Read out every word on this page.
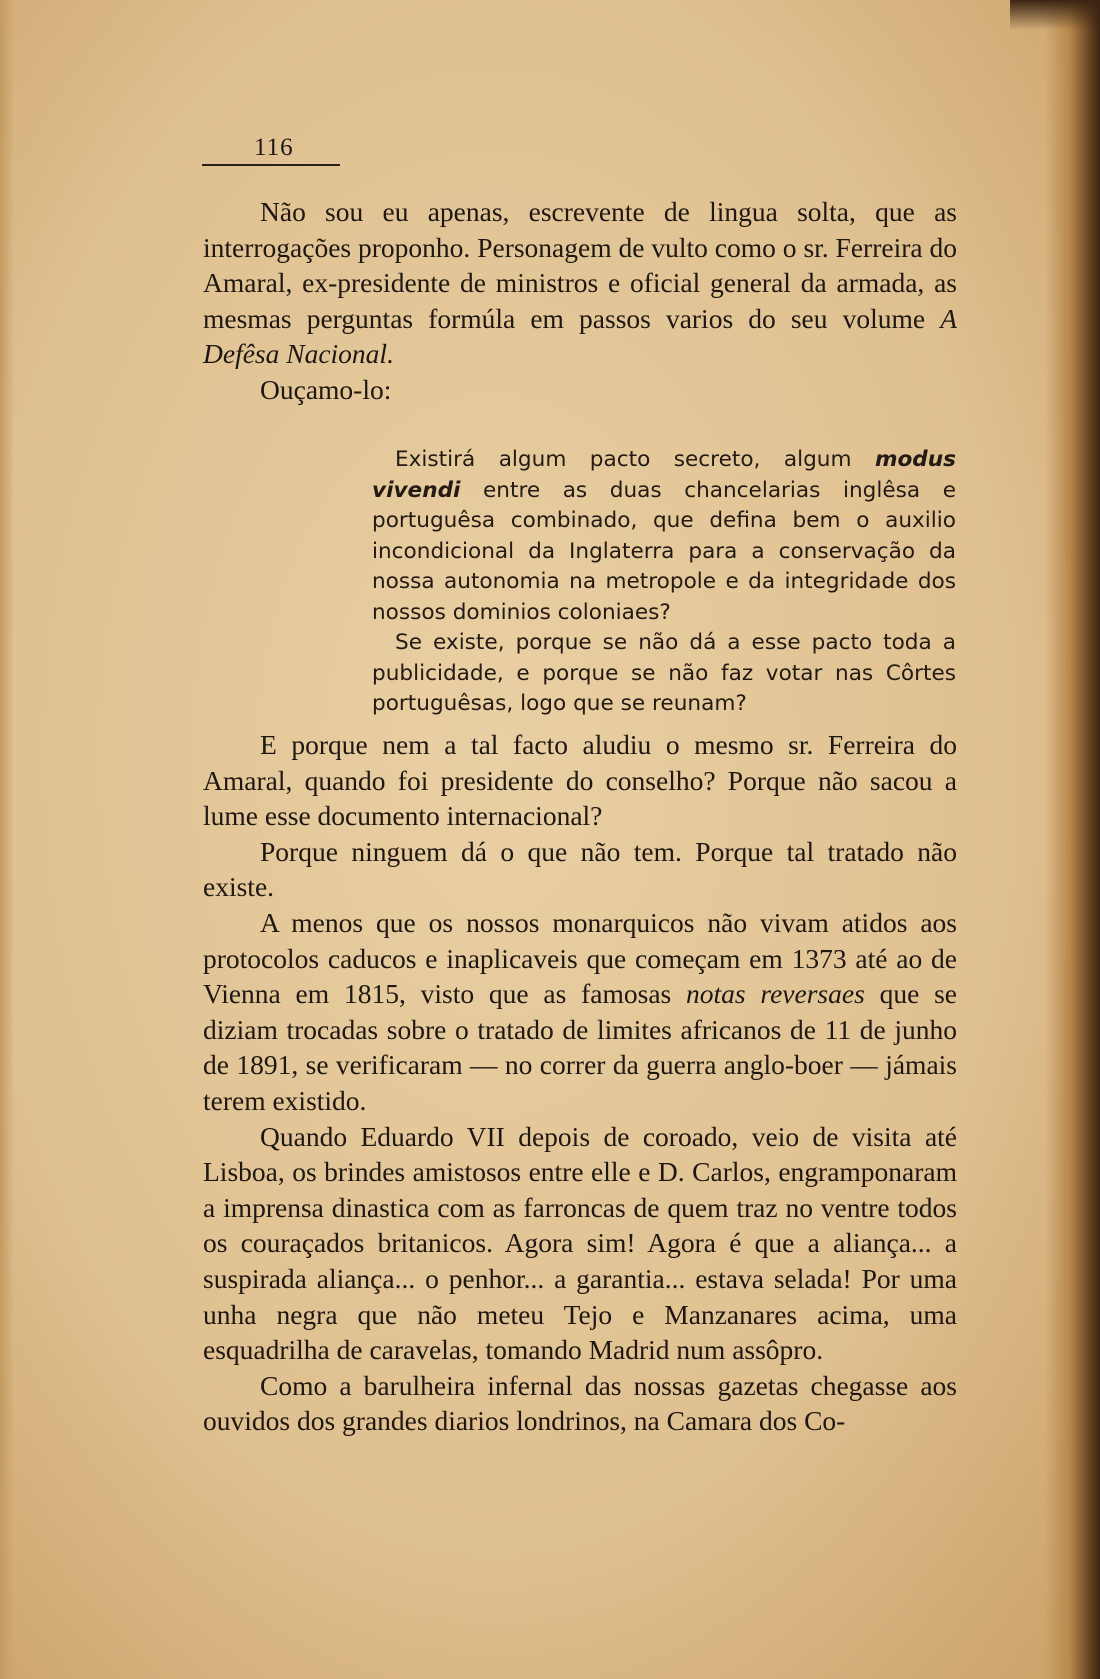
116

Não sou eu apenas, escrevente de lingua solta, que as interrogações proponho. Personagem de vulto como o sr. Ferreira do Amaral, ex-presidente de ministros e oficial general da armada, as mesmas perguntas formúla em passos varios do seu volume A Defêsa Nacional.

Ouçamo-lo:

Existirá algum pacto secreto, algum modus vivendi entre as duas chancelarias inglêsa e portuguêsa combinado, que defina bem o auxilio incondicional da Inglaterra para a conservação da nossa autonomia na metropole e da integridade dos nossos dominios coloniaes?

Se existe, porque se não dá a esse pacto toda a publicidade, e porque se não faz votar nas Côrtes portuguêsas, logo que se reunam?

E porque nem a tal facto aludiu o mesmo sr. Ferreira do Amaral, quando foi presidente do conselho? Porque não sacou a lume esse documento internacional?

Porque ninguem dá o que não tem. Porque tal tratado não existe.

A menos que os nossos monarquicos não vivam atidos aos protocolos caducos e inaplicaveis que começam em 1373 até ao de Vienna em 1815, visto que as famosas notas reversaes que se diziam trocadas sobre o tratado de limites africanos de 11 de junho de 1891, se verificaram — no correr da guerra anglo-boer — jámais terem existido.

Quando Eduardo VII depois de coroado, veio de visita até Lisboa, os brindes amistosos entre elle e D. Carlos, engramponaram a imprensa dinastica com as farroncas de quem traz no ventre todos os couraçados britanicos. Agora sim! Agora é que a aliança... a suspirada aliança... o penhor... a garantia... estava selada! Por uma unha negra que não meteu Tejo e Manzanares acima, uma esquadrilha de caravelas, tomando Madrid num assôpro.

Como a barulheira infernal das nossas gazetas chegasse aos ouvidos dos grandes diarios londrinos, na Camara dos Co-
